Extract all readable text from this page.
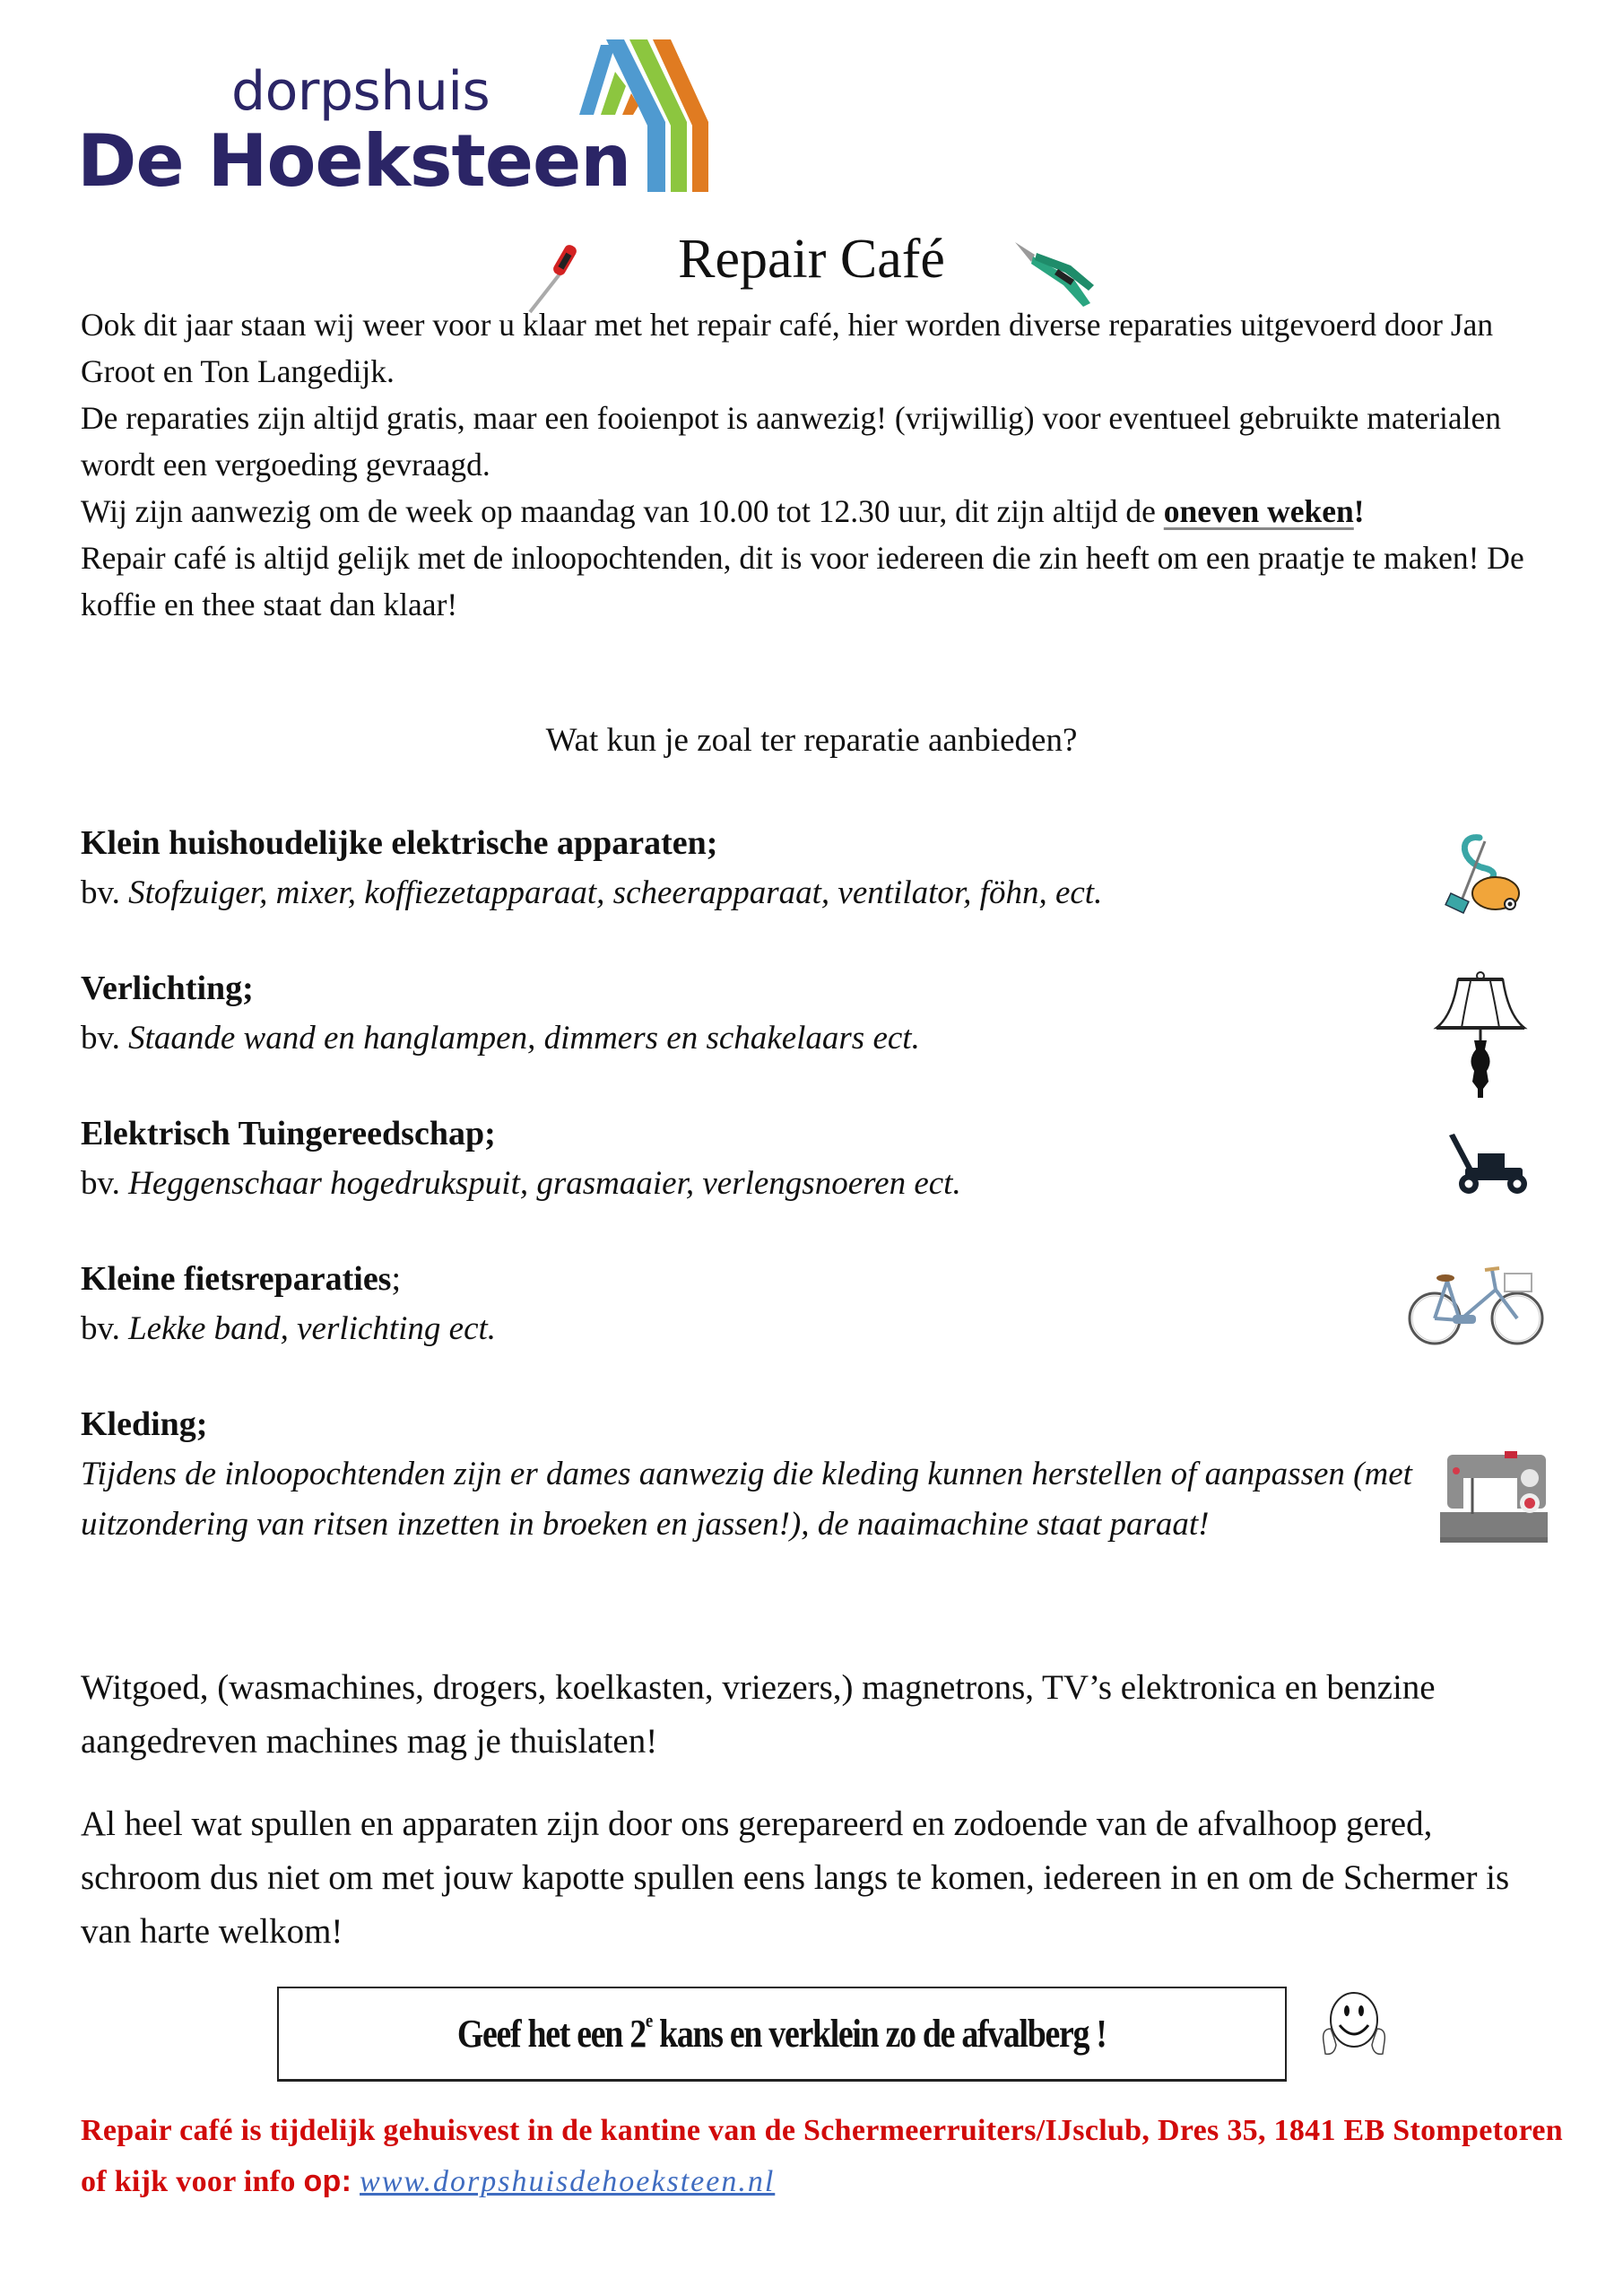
dorpshuis
De Hoeksteen
Repair Café

Ook dit jaar staan wij weer voor u klaar met het repair café, hier worden diverse reparaties uitgevoerd door Jan Groot en Ton Langedijk.

De reparaties zijn altijd gratis, maar een fooienpot is aanwezig! (vrijwillig) voor eventueel gebruikte materialen wordt een vergoeding gevraagd.

Wij zijn aanwezig om de week op maandag van 10.00 tot 12.30 uur, dit zijn altijd de oneven weken!

Repair café is altijd gelijk met de inloopochtenden, dit is voor iedereen die zin heeft om een praatje te maken! De koffie en thee staat dan klaar!

Wat kun je zoal ter reparatie aanbieden?
Klein huishoudelijke elektrische apparaten;
bv. Stofzuiger, mixer, koffiezetapparaat, scheerapparaat, ventilator, föhn, ect.
Verlichting;
bv. Staande wand en hanglampen, dimmers en schakelaars ect.
Elektrisch Tuingereedschap;
bv. Heggenschaar hogedrukspuit, grasmaaier, verlengsnoeren ect.
Kleine fietsreparaties;
bv. Lekke band, verlichting ect.
Kleding;
Tijdens de inloopochtenden zijn er dames aanwezig die kleding kunnen herstellen of aanpassen (met uitzondering van ritsen inzetten in broeken en jassen!), de naaimachine staat paraat!
Witgoed, (wasmachines, drogers, koelkasten, vriezers,) magnetrons, TV’s elektronica en benzine aangedreven machines mag je thuislaten!
Al heel wat spullen en apparaten zijn door ons gerepareerd en zodoende van de afvalhoop gered, schroom dus niet om met jouw kapotte spullen eens langs te komen, iedereen in en om de Schermer is van harte welkom!
Geef het een 2e kans en verklein zo de afvalberg !
Repair café is tijdelijk gehuisvest in de kantine van de Schermeerruiters/IJsclub, Dres 35, 1841 EB Stompetoren of kijk voor info op: www.dorpshuisdehoeksteen.nl
